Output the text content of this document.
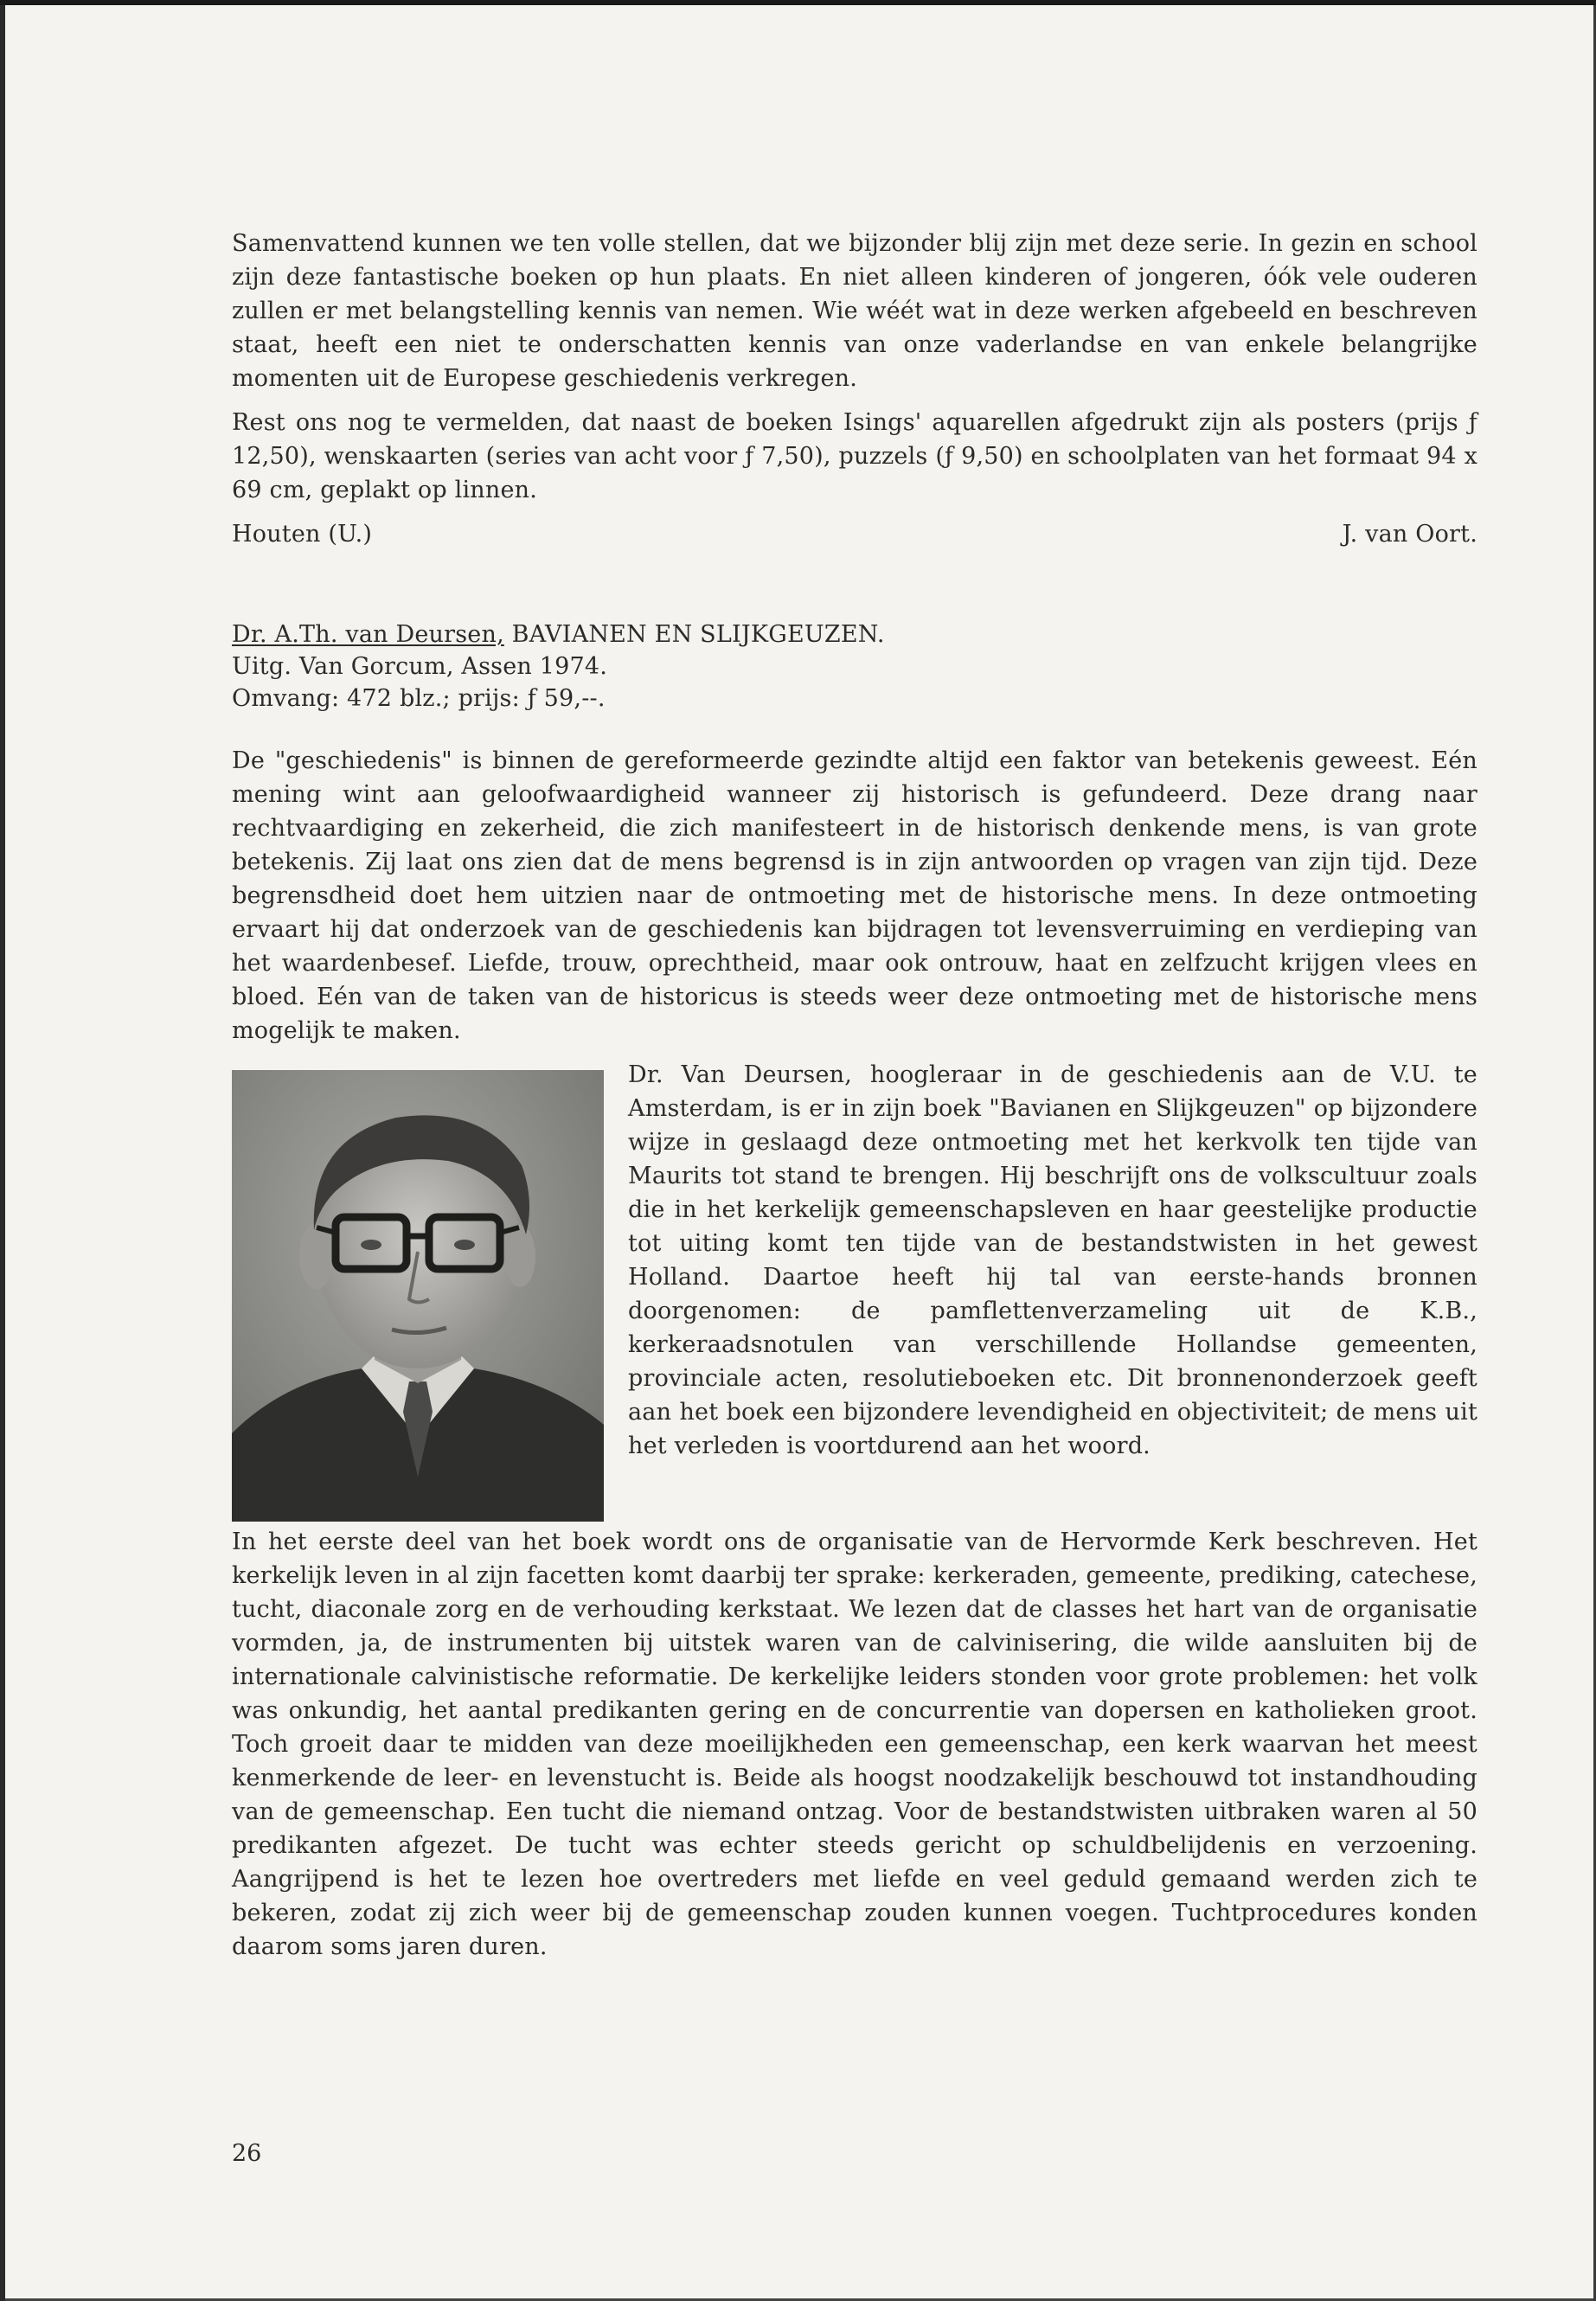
Samenvattend kunnen we ten volle stellen, dat we bijzonder blij zijn met deze serie. In gezin en school zijn deze fantastische boeken op hun plaats. En niet alleen kinderen of jongeren, óók vele ouderen zullen er met belangstelling kennis van nemen. Wie wéét wat in deze werken afgebeeld en beschreven staat, heeft een niet te onderschatten kennis van onze vaderlandse en van enkele belangrijke momenten uit de Europese geschiedenis verkregen.

Rest ons nog te vermelden, dat naast de boeken Isings' aquarellen afgedrukt zijn als posters (prijs ƒ 12,50), wenskaarten (series van acht voor ƒ 7,50), puzzels (ƒ 9,50) en schoolplaten van het formaat 94 x 69 cm, geplakt op linnen.

Houten (U.)	J. van Oort.
Dr. A.Th. van Deursen, BAVIANEN EN SLIJKGEUZEN.
Uitg. Van Gorcum, Assen 1974.
Omvang: 472 blz.; prijs: ƒ 59,--.

De "geschiedenis" is binnen de gereformeerde gezindte altijd een faktor van betekenis geweest. Eén mening wint aan geloofwaardigheid wanneer zij historisch is gefundeerd. Deze drang naar rechtvaardiging en zekerheid, die zich manifesteert in de historisch denkende mens, is van grote betekenis. Zij laat ons zien dat de mens begrensd is in zijn antwoorden op vragen van zijn tijd. Deze begrensdheid doet hem uitzien naar de ontmoeting met de historische mens. In deze ontmoeting ervaart hij dat onderzoek van de geschiedenis kan bijdragen tot levensverruiming en verdieping van het waardenbesef. Liefde, trouw, oprechtheid, maar ook ontrouw, haat en zelfzucht krijgen vlees en bloed. Eén van de taken van de historicus is steeds weer deze ontmoeting met de historische mens mogelijk te maken.

Dr. Van Deursen, hoogleraar in de geschiedenis aan de V.U. te Amsterdam, is er in zijn boek "Bavianen en Slijkgeuzen" op bijzondere wijze in geslaagd deze ontmoeting met het kerkvolk ten tijde van Maurits tot stand te brengen. Hij beschrijft ons de volkscultuur zoals die in het kerkelijk gemeenschapsleven en haar geestelijke productie tot uiting komt ten tijde van de bestandstwisten in het gewest Holland. Daartoe heeft hij tal van eerste-hands bronnen doorgenomen: de pamflettenverzameling uit de K.B., kerkeraadsnotulen van verschillende Hollandse gemeenten, provinciale acten, resolutieboeken etc. Dit bronnenonderzoek geeft aan het boek een bijzondere levendigheid en objectiviteit; de mens uit het verleden is voortdurend aan het woord.

In het eerste deel van het boek wordt ons de organisatie van de Hervormde Kerk beschreven. Het kerkelijk leven in al zijn facetten komt daarbij ter sprake: kerkeraden, gemeente, prediking, catechese, tucht, diaconale zorg en de verhouding kerkstaat. We lezen dat de classes het hart van de organisatie vormden, ja, de instrumenten bij uitstek waren van de calvinisering, die wilde aansluiten bij de internationale calvinistische reformatie. De kerkelijke leiders stonden voor grote problemen: het volk was onkundig, het aantal predikanten gering en de concurrentie van dopersen en katholieken groot. Toch groeit daar te midden van deze moeilijkheden een gemeenschap, een kerk waarvan het meest kenmerkende de leer- en levenstucht is. Beide als hoogst noodzakelijk beschouwd tot instandhouding van de gemeenschap. Een tucht die niemand ontzag. Voor de bestandstwisten uitbraken waren al 50 predikanten afgezet. De tucht was echter steeds gericht op schuldbelijdenis en verzoening. Aangrijpend is het te lezen hoe overtreders met liefde en veel geduld gemaand werden zich te bekeren, zodat zij zich weer bij de gemeenschap zouden kunnen voegen. Tuchtprocedures konden daarom soms jaren duren.

26
